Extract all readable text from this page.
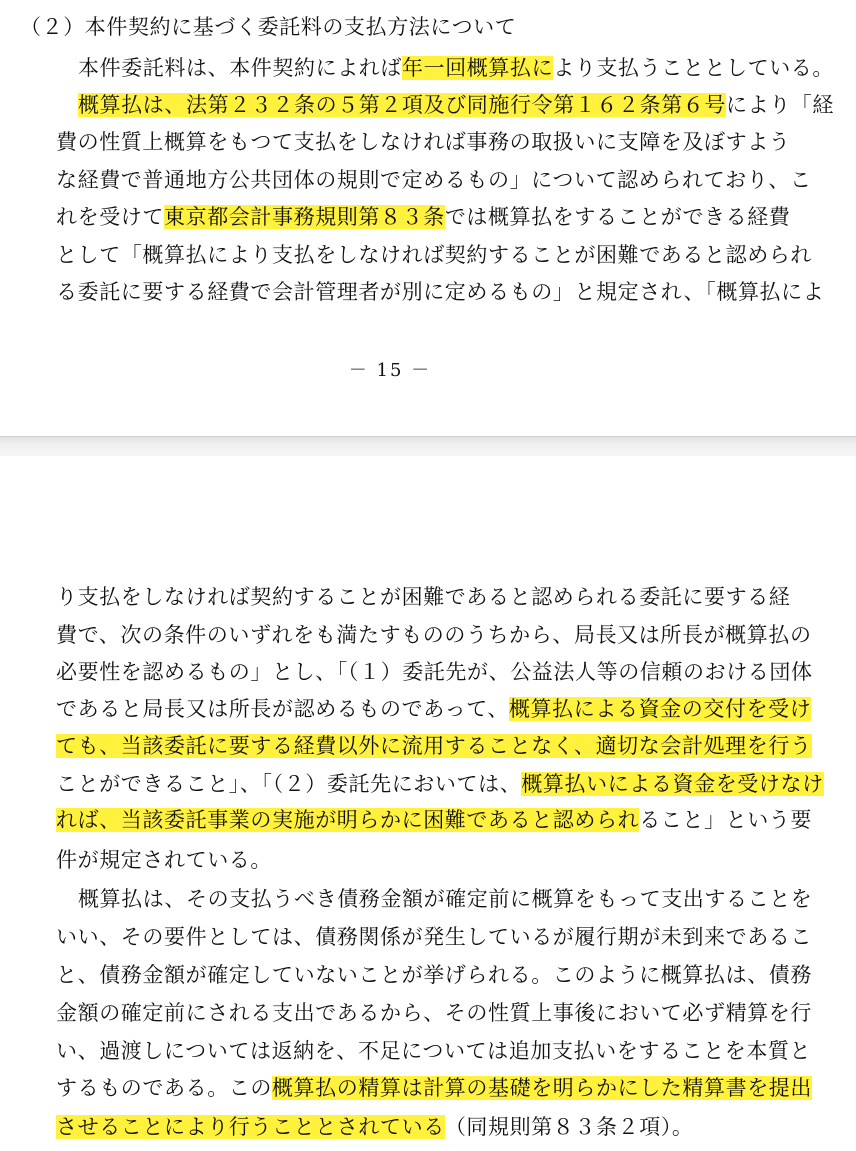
（２）本件契約に基づく委託料の支払方法について
本件委託料は、本件契約によれば年一回概算払により支払うこととしている。
概算払は、法第２３２条の５第２項及び同施行令第１６２条第６号により「経
費の性質上概算をもつて支払をしなければ事務の取扱いに支障を及ぼすよう
な経費で普通地方公共団体の規則で定めるもの」について認められており、こ
れを受けて東京都会計事務規則第８３条では概算払をすることができる経費
として「概算払により支払をしなければ契約することが困難であると認められ
る委託に要する経費で会計管理者が別に定めるもの」と規定され、「概算払によ
－ 15 －
り支払をしなければ契約することが困難であると認められる委託に要する経
費で、次の条件のいずれをも満たすもののうちから、局長又は所長が概算払の
必要性を認めるもの」とし、「（１）委託先が、公益法人等の信頼のおける団体
であると局長又は所長が認めるものであって、概算払による資金の交付を受け
ても、当該委託に要する経費以外に流用することなく、適切な会計処理を行う
ことができること」、「（２）委託先においては、概算払いによる資金を受けなけ
れば、当該委託事業の実施が明らかに困難であると認められること」という要
件が規定されている。
概算払は、その支払うべき債務金額が確定前に概算をもって支出することを
いい、その要件としては、債務関係が発生しているが履行期が未到来であるこ
と、債務金額が確定していないことが挙げられる。このように概算払は、債務
金額の確定前にされる支出であるから、その性質上事後において必ず精算を行
い、過渡しについては返納を、不足については追加支払いをすることを本質と
するものである。この概算払の精算は計算の基礎を明らかにした精算書を提出
させることにより行うこととされている（同規則第８３条２項）。
